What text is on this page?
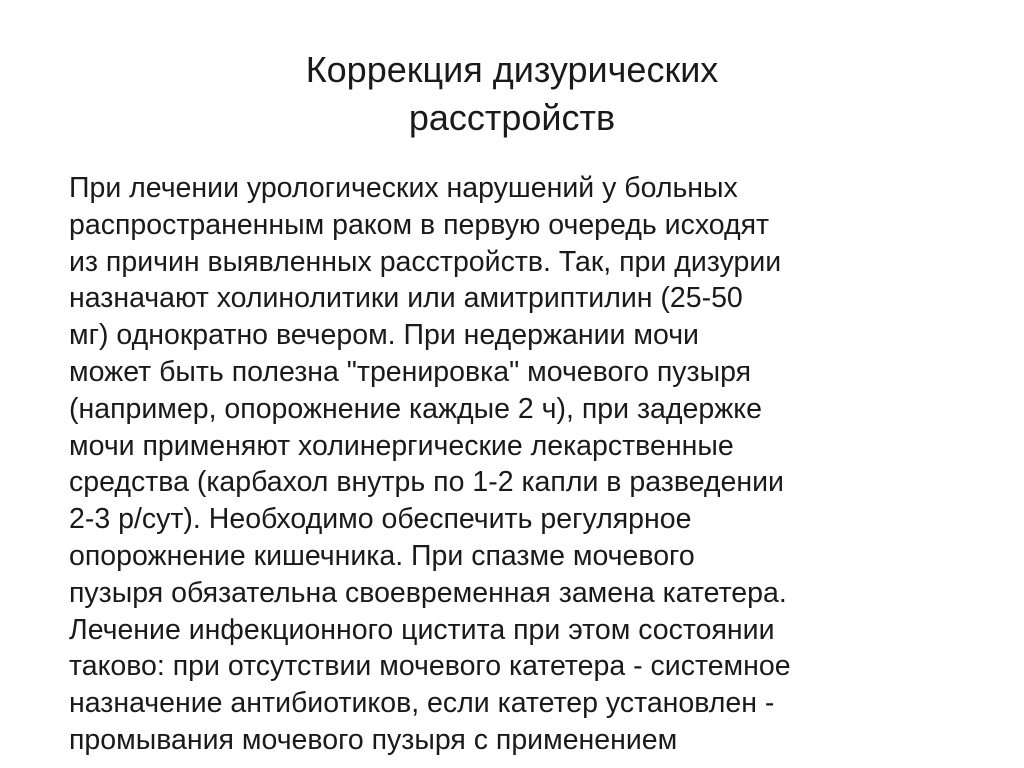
Коррекция дизурических
расстройств
При лечении урологических нарушений у больных
распространенным раком в первую очередь исходят
из причин выявленных расстройств. Так, при дизурии
назначают холинолитики или амитриптилин (25-50
мг) однократно вечером. При недержании мочи
может быть полезна "тренировка" мочевого пузыря
(например, опорожнение каждые 2 ч), при задержке
мочи применяют холинергические лекарственные
средства (карбахол внутрь по 1-2 капли в разведении
2-3 р/сут). Необходимо обеспечить регулярное
опорожнение кишечника. При спазме мочевого
пузыря обязательна своевременная замена катетера.
Лечение инфекционного цистита при этом состоянии
таково: при отсутствии мочевого катетера - системное
назначение антибиотиков, если катетер установлен -
промывания мочевого пузыря с применением
